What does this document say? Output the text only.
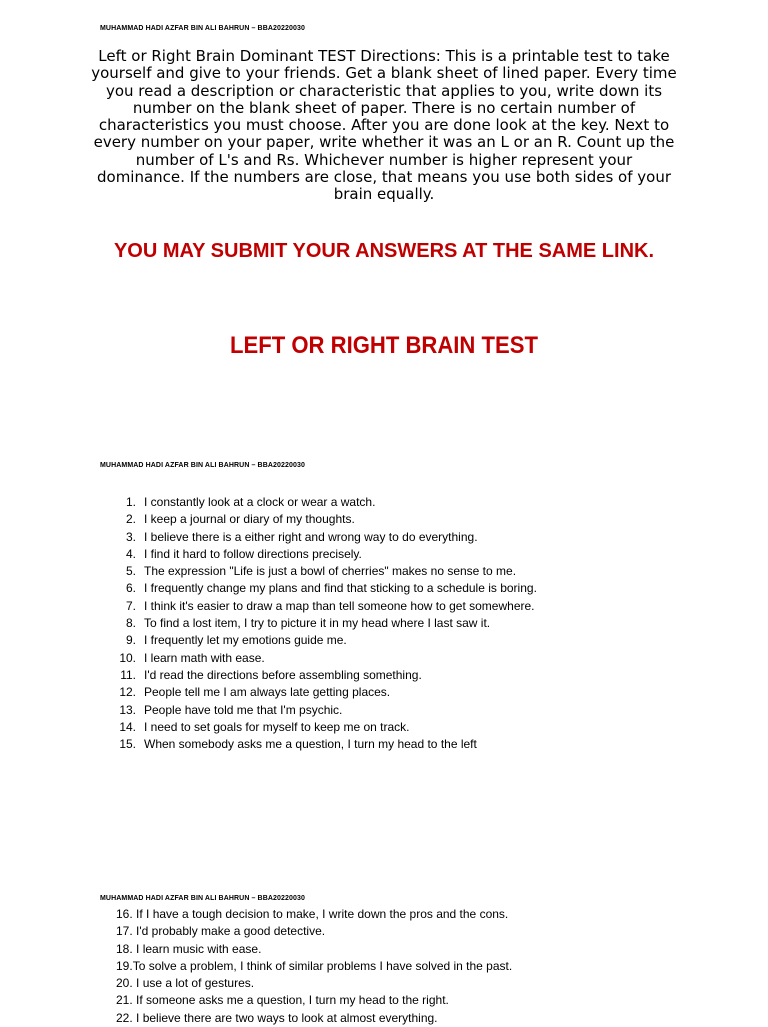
MUHAMMAD HADI AZFAR BIN ALI BAHRUN – BBA20220030

Left or Right Brain Dominant TEST Directions: This is a printable test to take yourself and give to your friends. Get a blank sheet of lined paper. Every time you read a description or characteristic that applies to you, write down its number on the blank sheet of paper. There is no certain number of characteristics you must choose. After you are done look at the key. Next to every number on your paper, write whether it was an L or an R. Count up the number of L's and Rs. Whichever number is higher represent your dominance. If the numbers are close, that means you use both sides of your brain equally.

YOU MAY SUBMIT YOUR ANSWERS AT THE SAME LINK.

LEFT OR RIGHT BRAIN TEST
MUHAMMAD HADI AZFAR BIN ALI BAHRUN – BBA20220030
1. I constantly look at a clock or wear a watch.
2. I keep a journal or diary of my thoughts.
3. I believe there is a either right and wrong way to do everything.
4. I find it hard to follow directions precisely.
5. The expression "Life is just a bowl of cherries" makes no sense to me.
6. I frequently change my plans and find that sticking to a schedule is boring.
7. I think it's easier to draw a map than tell someone how to get somewhere.
8. To find a lost item, I try to picture it in my head where I last saw it.
9. I frequently let my emotions guide me.
10. I learn math with ease.
11. I'd read the directions before assembling something.
12. People tell me I am always late getting places.
13. People have told me that I'm psychic.
14. I need to set goals for myself to keep me on track.
15. When somebody asks me a question, I turn my head to the left
MUHAMMAD HADI AZFAR BIN ALI BAHRUN – BBA20220030
16. If I have a tough decision to make, I write down the pros and the cons.
17. I'd probably make a good detective.
18. I learn music with ease.
19.To solve a problem, I think of similar problems I have solved in the past.
20. I use a lot of gestures.
21. If someone asks me a question, I turn my head to the right.
22. I believe there are two ways to look at almost everything.
